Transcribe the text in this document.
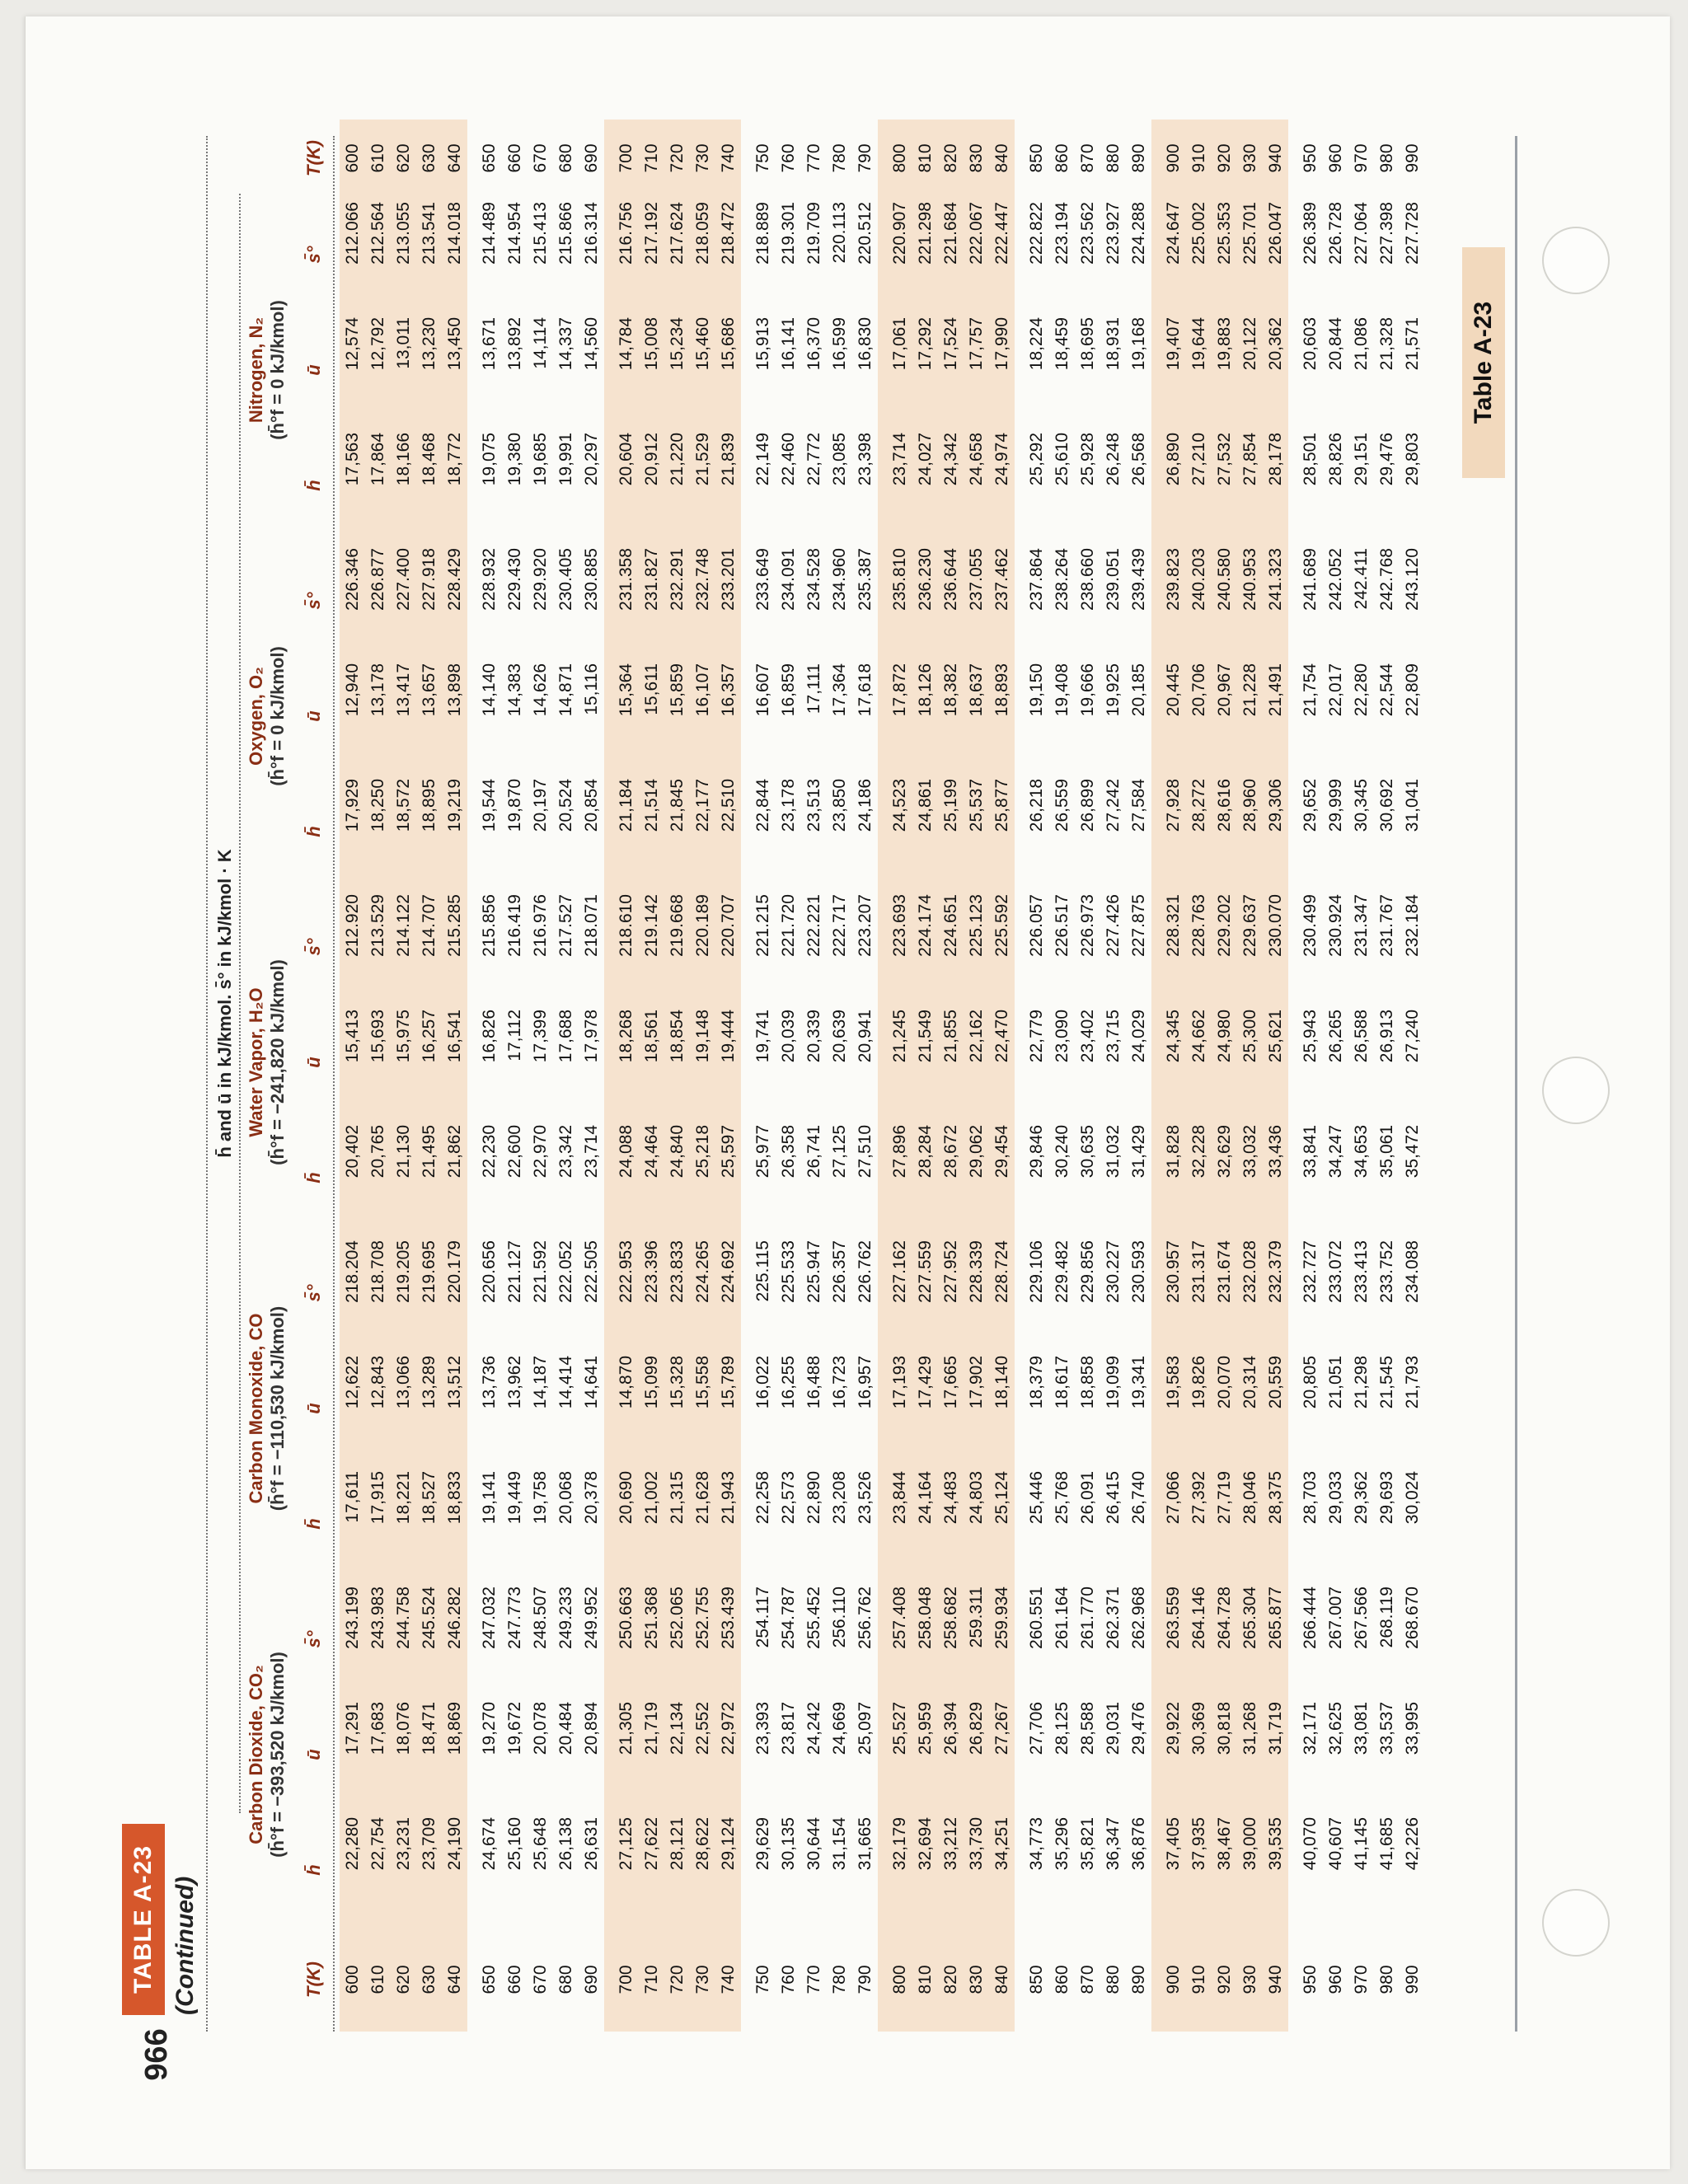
966
Table A-23
TABLE A-23 (Continued)
h̄ and ū in kJ/kmol. s̄° in kJ/kmol · K
Carbon Dioxide, CO₂ (h̄°f = −393,520 kJ/kmol)
Carbon Monoxide, CO (h̄°f = −110,530 kJ/kmol)
Water Vapor, H₂O (h̄°f = −241,820 kJ/kmol)
Oxygen, O₂ (h̄°f = 0 kJ/kmol)
Nitrogen, N₂ (h̄°f = 0 kJ/kmol)
T(K)
h̄
ū
s̄°
h̄
ū
s̄°
h̄
ū
s̄°
h̄
ū
s̄°
h̄
ū
s̄°
T(K)
600	22,280	17,291	243.199	17,611	12,622	218.204	20,402	15,413	212.920	17,929	12,940	226.346	17,563	12,574	212.066	600
610	22,754	17,683	243.983	17,915	12,843	218.708	20,765	15,693	213.529	18,250	13,178	226.877	17,864	12,792	212.564	610
620	23,231	18,076	244.758	18,221	13,066	219.205	21,130	15,975	214.122	18,572	13,417	227.400	18,166	13,011	213.055	620
630	23,709	18,471	245.524	18,527	13,289	219.695	21,495	16,257	214.707	18,895	13,657	227.918	18,468	13,230	213.541	630
640	24,190	18,869	246.282	18,833	13,512	220.179	21,862	16,541	215.285	19,219	13,898	228.429	18,772	13,450	214.018	640

650	24,674	19,270	247.032	19,141	13,736	220.656	22,230	16,826	215.856	19,544	14,140	228.932	19,075	13,671	214.489	650
660	25,160	19,672	247.773	19,449	13,962	221.127	22,600	17,112	216.419	19,870	14,383	229.430	19,380	13,892	214.954	660
670	25,648	20,078	248.507	19,758	14,187	221.592	22,970	17,399	216.976	20,197	14,626	229.920	19,685	14,114	215.413	670
680	26,138	20,484	249.233	20,068	14,414	222.052	23,342	17,688	217.527	20,524	14,871	230.405	19,991	14,337	215.866	680
690	26,631	20,894	249.952	20,378	14,641	222.505	23,714	17,978	218.071	20,854	15,116	230.885	20,297	14,560	216.314	690

700	27,125	21,305	250.663	20,690	14,870	222.953	24,088	18,268	218.610	21,184	15,364	231.358	20,604	14,784	216.756	700
710	27,622	21,719	251.368	21,002	15,099	223.396	24,464	18,561	219.142	21,514	15,611	231.827	20,912	15,008	217.192	710
720	28,121	22,134	252.065	21,315	15,328	223.833	24,840	18,854	219.668	21,845	15,859	232.291	21,220	15,234	217.624	720
730	28,622	22,552	252.755	21,628	15,558	224.265	25,218	19,148	220.189	22,177	16,107	232.748	21,529	15,460	218.059	730
740	29,124	22,972	253.439	21,943	15,789	224.692	25,597	19,444	220.707	22,510	16,357	233.201	21,839	15,686	218.472	740

750	29,629	23,393	254.117	22,258	16,022	225.115	25,977	19,741	221.215	22,844	16,607	233.649	22,149	15,913	218.889	750
760	30,135	23,817	254.787	22,573	16,255	225.533	26,358	20,039	221.720	23,178	16,859	234.091	22,460	16,141	219.301	760
770	30,644	24,242	255.452	22,890	16,488	225.947	26,741	20,339	222.221	23,513	17,111	234.528	22,772	16,370	219.709	770
780	31,154	24,669	256.110	23,208	16,723	226.357	27,125	20,639	222.717	23,850	17,364	234.960	23,085	16,599	220.113	780
790	31,665	25,097	256.762	23,526	16,957	226.762	27,510	20,941	223.207	24,186	17,618	235.387	23,398	16,830	220.512	790

800	32,179	25,527	257.408	23,844	17,193	227.162	27,896	21,245	223.693	24,523	17,872	235.810	23,714	17,061	220.907	800
810	32,694	25,959	258.048	24,164	17,429	227.559	28,284	21,549	224.174	24,861	18,126	236.230	24,027	17,292	221.298	810
820	33,212	26,394	258.682	24,483	17,665	227.952	28,672	21,855	224.651	25,199	18,382	236.644	24,342	17,524	221.684	820
830	33,730	26,829	259.311	24,803	17,902	228.339	29,062	22,162	225.123	25,537	18,637	237.055	24,658	17,757	222.067	830
840	34,251	27,267	259.934	25,124	18,140	228.724	29,454	22,470	225.592	25,877	18,893	237.462	24,974	17,990	222.447	840

850	34,773	27,706	260.551	25,446	18,379	229.106	29,846	22,779	226.057	26,218	19,150	237.864	25,292	18,224	222.822	850
860	35,296	28,125	261.164	25,768	18,617	229.482	30,240	23,090	226.517	26,559	19,408	238.264	25,610	18,459	223.194	860
870	35,821	28,588	261.770	26,091	18,858	229.856	30,635	23,402	226.973	26,899	19,666	238.660	25,928	18,695	223.562	870
880	36,347	29,031	262.371	26,415	19,099	230.227	31,032	23,715	227.426	27,242	19,925	239.051	26,248	18,931	223.927	880
890	36,876	29,476	262.968	26,740	19,341	230.593	31,429	24,029	227.875	27,584	20,185	239.439	26,568	19,168	224.288	890

900	37,405	29,922	263.559	27,066	19,583	230.957	31,828	24,345	228.321	27,928	20,445	239.823	26,890	19,407	224.647	900
910	37,935	30,369	264.146	27,392	19,826	231.317	32,228	24,662	228.763	28,272	20,706	240.203	27,210	19,644	225.002	910
920	38,467	30,818	264.728	27,719	20,070	231.674	32,629	24,980	229.202	28,616	20,967	240.580	27,532	19,883	225.353	920
930	39,000	31,268	265.304	28,046	20,314	232.028	33,032	25,300	229.637	28,960	21,228	240.953	27,854	20,122	225.701	930
940	39,535	31,719	265.877	28,375	20,559	232.379	33,436	25,621	230.070	29,306	21,491	241.323	28,178	20,362	226.047	940

950	40,070	32,171	266.444	28,703	20,805	232.727	33,841	25,943	230.499	29,652	21,754	241.689	28,501	20,603	226.389	950
960	40,607	32,625	267.007	29,033	21,051	233.072	34,247	26,265	230.924	29,999	22,017	242.052	28,826	20,844	226.728	960
970	41,145	33,081	267.566	29,362	21,298	233.413	34,653	26,588	231.347	30,345	22,280	242.411	29,151	21,086	227.064	970
980	41,685	33,537	268.119	29,693	21,545	233.752	35,061	26,913	231.767	30,692	22,544	242.768	29,476	21,328	227.398	980
990	42,226	33,995	268.670	30,024	21,793	234.088	35,472	27,240	232.184	31,041	22,809	243.120	29,803	21,571	227.728	990
